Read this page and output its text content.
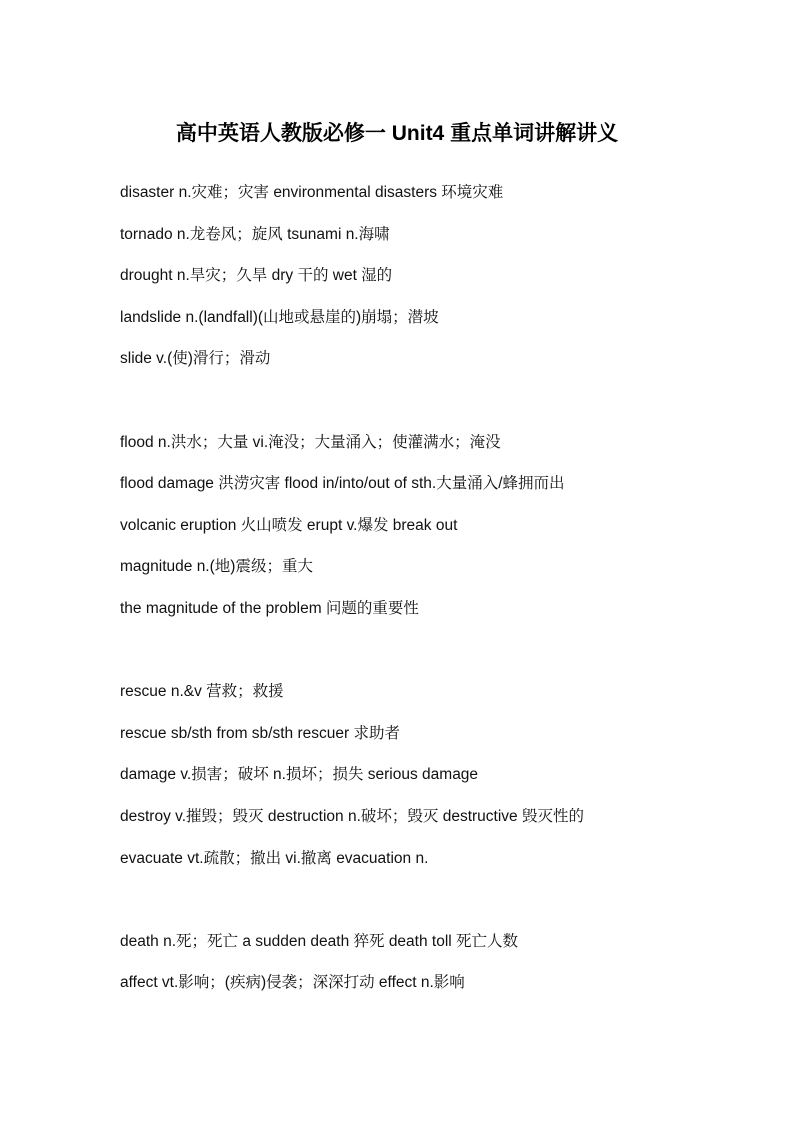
高中英语人教版必修一 Unit4 重点单词讲解讲义

disaster n.灾难；灾害 environmental disasters 环境灾难

tornado n.龙卷风；旋风 tsunami n.海啸

drought n.旱灾；久旱 dry 干的 wet 湿的

landslide n.(landfall)(山地或悬崖的)崩塌；潜坡

slide v.(使)滑行；滑动

flood n.洪水；大量 vi.淹没；大量涌入；使灌满水；淹没

flood damage 洪涝灾害 flood in/into/out of sth.大量涌入/蜂拥而出

volcanic eruption 火山喷发 erupt v.爆发 break out

magnitude n.(地)震级；重大

the magnitude of the problem 问题的重要性

rescue n.&v 营救；救援

rescue sb/sth from sb/sth rescuer 求助者

damage v.损害；破坏 n.损坏；损失 serious damage

destroy v.摧毁；毁灭 destruction n.破坏；毁灭 destructive 毁灭性的

evacuate vt.疏散；撤出 vi.撤离 evacuation n.

death n.死；死亡 a sudden death 猝死 death toll 死亡人数

affect vt.影响；(疾病)侵袭；深深打动 effect n.影响
